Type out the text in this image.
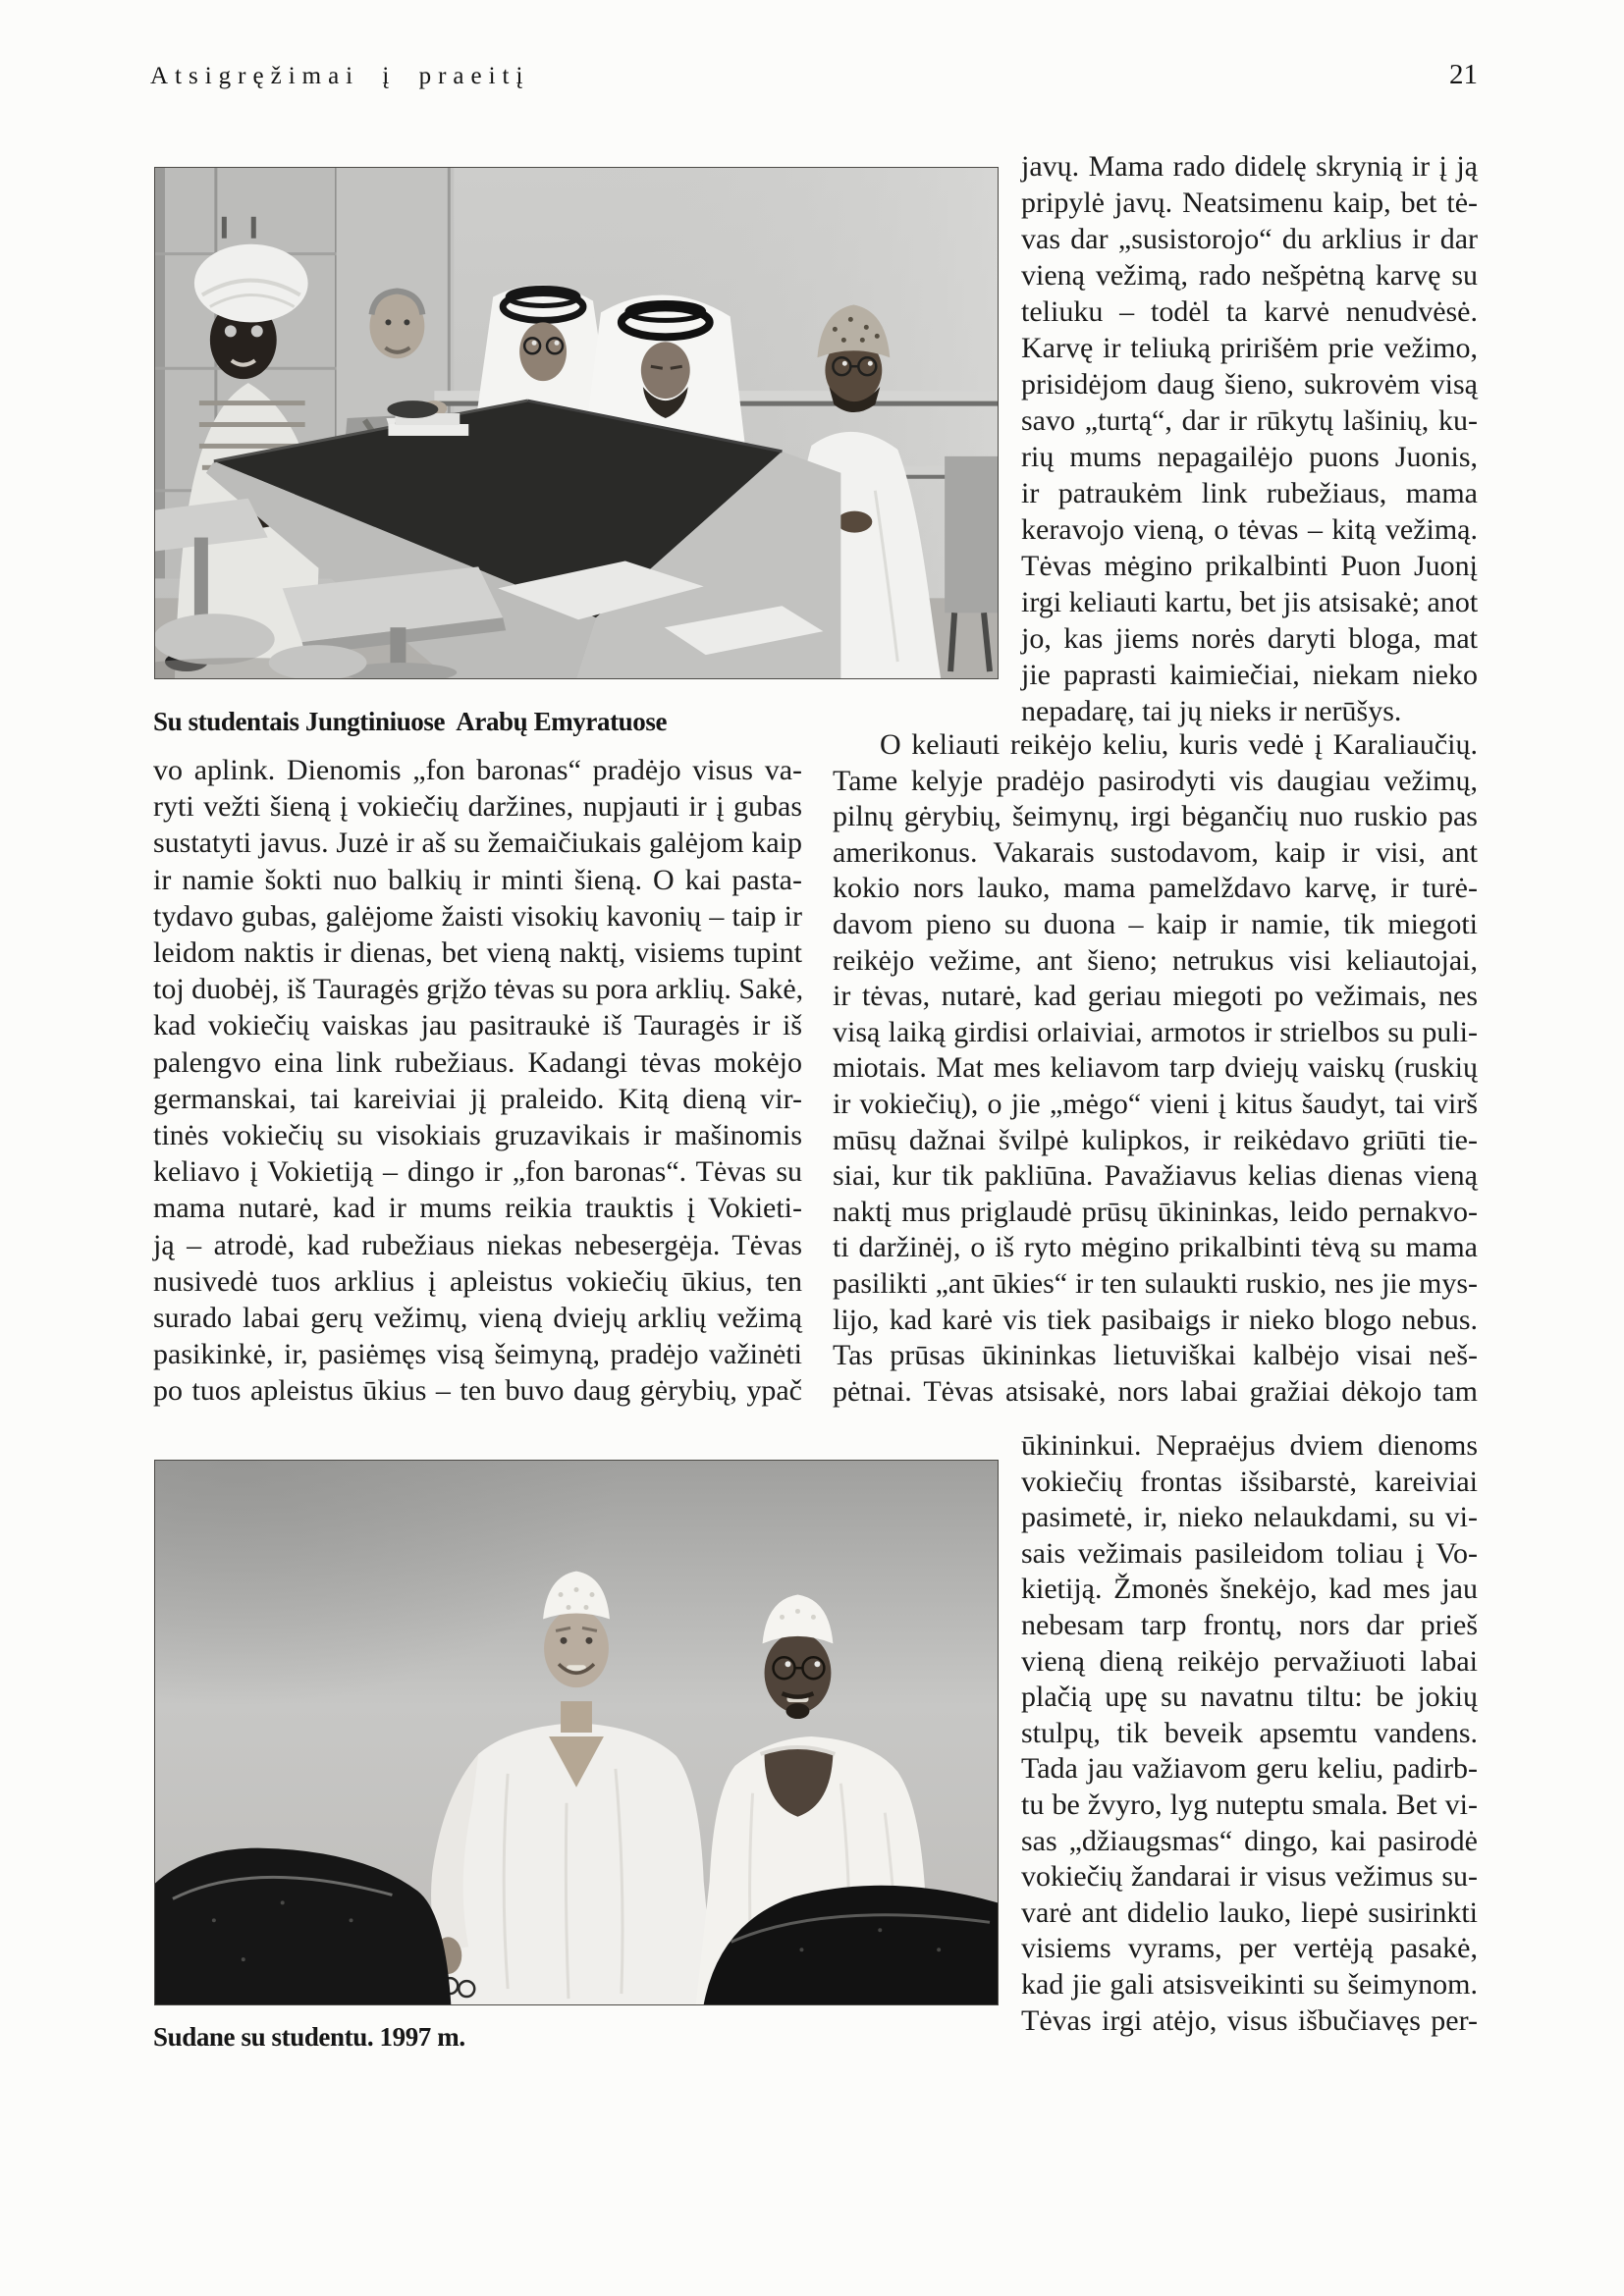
Atsigręžimai į praeitį	21
Su studentais Jungtiniuose  Arabų Emyratuose
vo aplink. Dienomis „fon baronas“ pradėjo visus va-
ryti vežti šieną į vokiečių daržines, nupjauti ir į gubas
sustatyti javus. Juzė ir aš su žemaičiukais galėjom kaip
ir namie šokti nuo balkių ir minti šieną. O kai pasta-
tydavo gubas, galėjome žaisti visokių kavonių – taip ir
leidom naktis ir dienas, bet vieną naktį, visiems tupint
toj duobėj, iš Tauragės grįžo tėvas su pora arklių. Sakė,
kad vokiečių vaiskas jau pasitraukė iš Tauragės ir iš
palengvo eina link rubežiaus. Kadangi tėvas mokėjo
germanskai, tai kareiviai jį praleido. Kitą dieną vir-
tinės vokiečių su visokiais gruzavikais ir mašinomis
keliavo į Vokietiją – dingo ir „fon baronas“. Tėvas su
mama nutarė, kad ir mums reikia trauktis į Vokieti-
ją – atrodė, kad rubežiaus niekas nebesergėja. Tėvas
nusivedė tuos arklius į apleistus vokiečių ūkius, ten
surado labai gerų vežimų, vieną dviejų arklių vežimą
pasikinkė, ir, pasiėmęs visą šeimyną, pradėjo važinėti
po tuos apleistus ūkius – ten buvo daug gėrybių, ypač
Sudane su studentu. 1997 m.
javų. Mama rado didelę skrynią ir į ją
pripylė javų. Neatsimenu kaip, bet tė-
vas dar „susistorojo“ du arklius ir dar
vieną vežimą, rado nešpėtną karvę su
teliuku – todėl ta karvė nenudvėsė.
Karvę ir teliuką pririšėm prie vežimo,
prisidėjom daug šieno, sukrovėm visą
savo „turtą“, dar ir rūkytų lašinių, ku-
rių mums nepagailėjo puons Juonis,
ir patraukėm link rubežiaus, mama
keravojo vieną, o tėvas – kitą vežimą.
Tėvas mėgino prikalbinti Puon Juonį
irgi keliauti kartu, bet jis atsisakė; anot
jo, kas jiems norės daryti bloga, mat
jie paprasti kaimiečiai, niekam nieko
nepadarę, tai jų nieks ir nerūšys.
O keliauti reikėjo keliu, kuris vedė į Karaliaučių.
Tame kelyje pradėjo pasirodyti vis daugiau vežimų,
pilnų gėrybių, šeimynų, irgi bėgančių nuo ruskio pas
amerikonus. Vakarais sustodavom, kaip ir visi, ant
kokio nors lauko, mama pamelždavo karvę, ir turė-
davom pieno su duona – kaip ir namie, tik miegoti
reikėjo vežime, ant šieno; netrukus visi keliautojai,
ir tėvas, nutarė, kad geriau miegoti po vežimais, nes
visą laiką girdisi orlaiviai, armotos ir strielbos su puli-
miotais. Mat mes keliavom tarp dviejų vaiskų (ruskių
ir vokiečių), o jie „mėgo“ vieni į kitus šaudyt, tai virš
mūsų dažnai švilpė kulipkos, ir reikėdavo griūti tie-
siai, kur tik pakliūna. Pavažiavus kelias dienas vieną
naktį mus priglaudė prūsų ūkininkas, leido pernakvo-
ti daržinėj, o iš ryto mėgino prikalbinti tėvą su mama
pasilikti „ant ūkies“ ir ten sulaukti ruskio, nes jie mys-
lijo, kad karė vis tiek pasibaigs ir nieko blogo nebus.
Tas prūsas ūkininkas lietuviškai kalbėjo visai neš-
pėtnai. Tėvas atsisakė, nors labai gražiai dėkojo tam
ūkininkui. Nepraėjus dviem dienoms
vokiečių frontas išsibarstė, kareiviai
pasimetė, ir, nieko nelaukdami, su vi-
sais vežimais pasileidom toliau į Vo-
kietiją. Žmonės šnekėjo, kad mes jau
nebesam tarp frontų, nors dar prieš
vieną dieną reikėjo pervažiuoti labai
plačią upę su navatnu tiltu: be jokių
stulpų, tik beveik apsemtu vandens.
Tada jau važiavom geru keliu, padirb-
tu be žvyro, lyg nuteptu smala. Bet vi-
sas „džiaugsmas“ dingo, kai pasirodė
vokiečių žandarai ir visus vežimus su-
varė ant didelio lauko, liepė susirinkti
visiems vyrams, per vertėją pasakė,
kad jie gali atsisveikinti su šeimynom.
Tėvas irgi atėjo, visus išbučiavęs per-
